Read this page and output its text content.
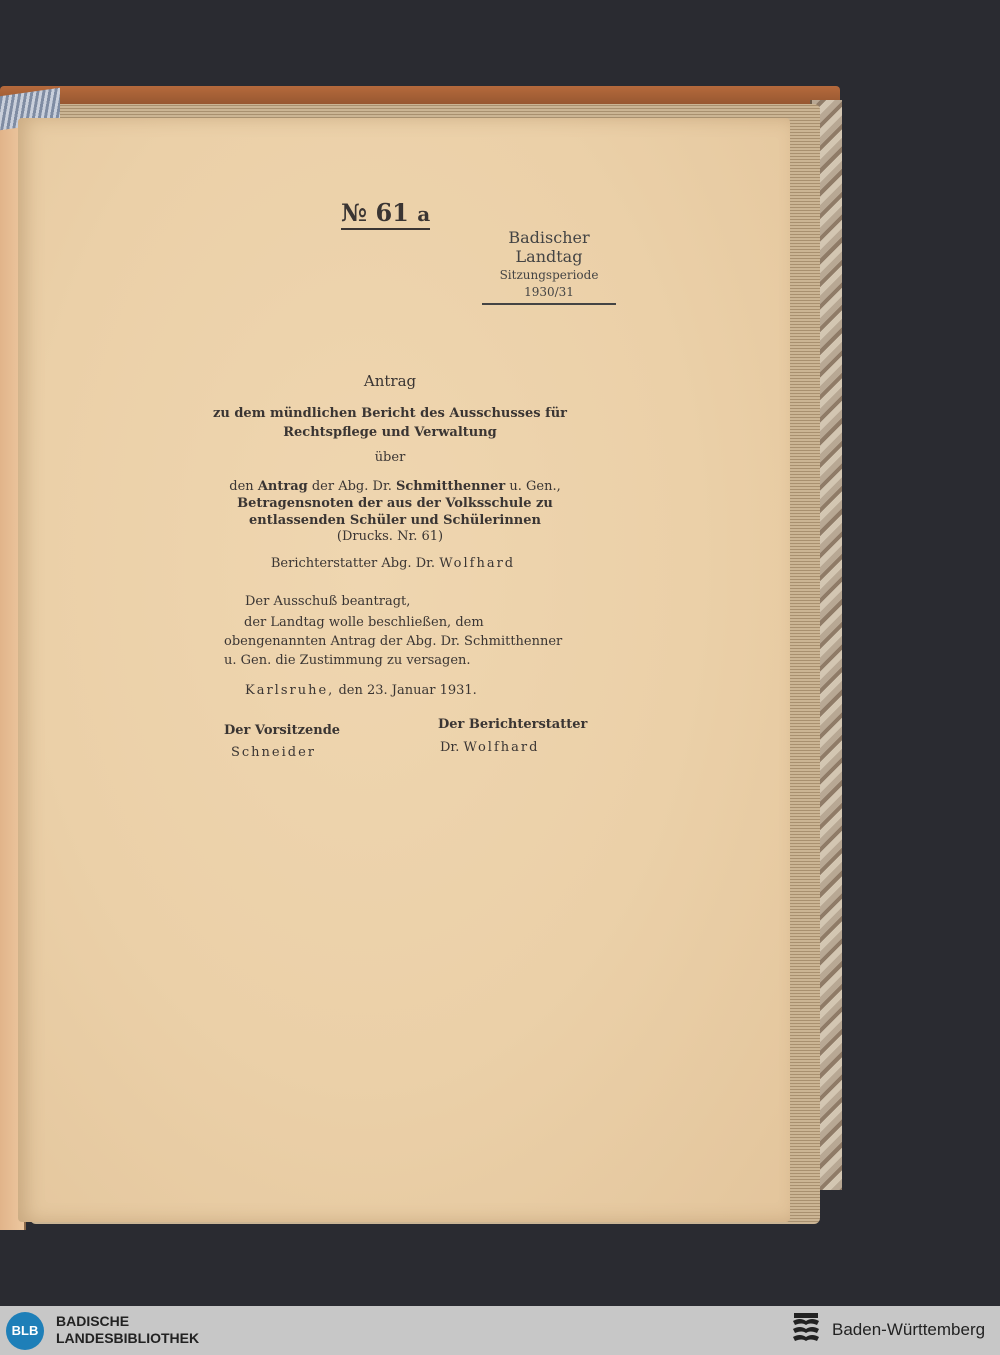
№ 61 a
Badischer Landtag
Sitzungsperiode
1930/31
Antrag
zu dem mündlichen Bericht des Ausschusses für Rechtspflege und Verwaltung
über
den Antrag der Abg. Dr. Schmitthenner u. Gen., Betragensnoten der aus der Volksschule zu entlassenden Schüler und Schülerinnen
(Drucks. Nr. 61)
Berichterstatter Abg. Dr. Wolfhard
Der Ausschuß beantragt,
der Landtag wolle beschließen, dem obengenannten Antrag der Abg. Dr. Schmitthenner u. Gen. die Zustimmung zu versagen.
Karlsruhe, den 23. Januar 1931.
Der Vorsitzende
Schneider
Der Berichterstatter
Dr. Wolfhard
BLB
BADISCHE
LANDESBIBLIOTHEK	Baden-Württemberg
